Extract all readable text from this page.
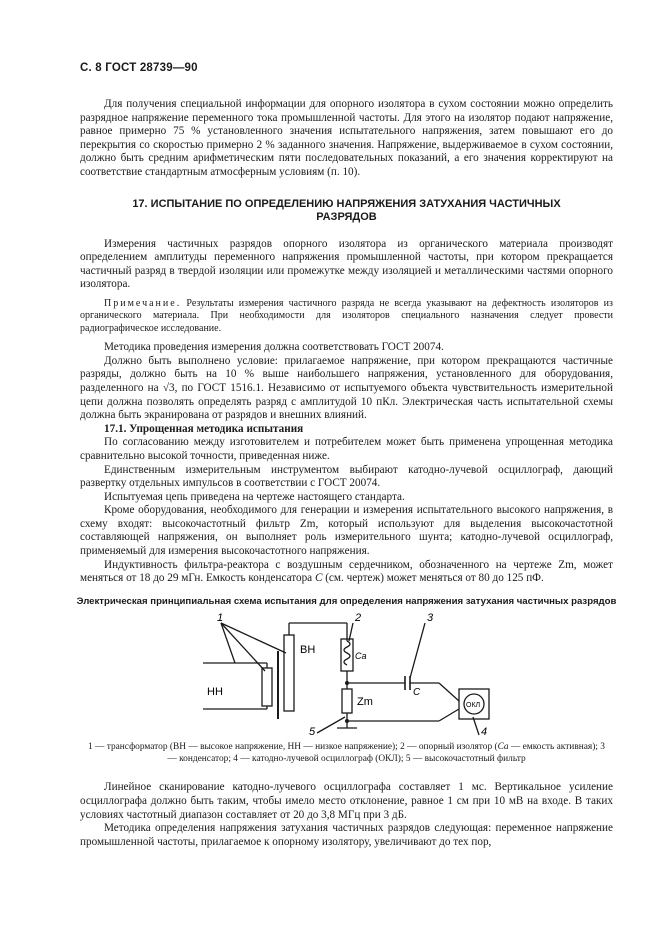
С. 8 ГОСТ 28739—90

Для получения специальной информации для опорного изолятора в сухом состоянии можно определить разрядное напряжение переменного тока промышленной частоты. Для этого на изолятор подают напряжение, равное примерно 75 % установленного значения испытательного напряжения, затем повышают его до перекрытия со скоростью примерно 2 % заданного значения. Напряжение, выдерживаемое в сухом состоянии, должно быть средним арифметическим пяти последовательных показаний, а его значения корректируют на соответствие стандартным атмосферным условиям (п. 10).

17. ИСПЫТАНИЕ ПО ОПРЕДЕЛЕНИЮ НАПРЯЖЕНИЯ ЗАТУХАНИЯ ЧАСТИЧНЫХ РАЗРЯДОВ

Измерения частичных разрядов опорного изолятора из органического материала производят определением амплитуды переменного напряжения промышленной частоты, при котором прекращается частичный разряд в твердой изоляции или промежутке между изоляцией и металлическими частями опорного изолятора.

Примечание. Результаты измерения частичного разряда не всегда указывают на дефектность изоляторов из органического материала. При необходимости для изоляторов специального назначения следует провести радиографическое исследование.

Методика проведения измерения должна соответствовать ГОСТ 20074.

Должно быть выполнено условие: прилагаемое напряжение, при котором прекращаются частичные разряды, должно быть на 10 % выше наибольшего напряжения, установленного для оборудования, разделенного на √3, по ГОСТ 1516.1. Независимо от испытуемого объекта чувствительность измерительной цепи должна позволять определять разряд с амплитудой 10 пКл. Электрическая часть испытательной схемы должна быть экранирована от разрядов и внешних влияний.

17.1. Упрощенная методика испытания

По согласованию между изготовителем и потребителем может быть применена упрощенная методика сравнительно высокой точности, приведенная ниже.

Единственным измерительным инструментом выбирают катодно-лучевой осциллограф, дающий развертку отдельных импульсов в соответствии с ГОСТ 20074.

Испытуемая цепь приведена на чертеже настоящего стандарта.

Кроме оборудования, необходимого для генерации и измерения испытательного высокого напряжения, в схему входят: высокочастотный фильтр Zm, который используют для выделения высокочастотной составляющей напряжения, он выполняет роль измерительного шунта; катодно-лучевой осциллограф, применяемый для измерения высокочастотного напряжения.

Индуктивность фильтра-реактора с воздушным сердечником, обозначенного на чертеже Zm, может меняться от 18 до 29 мГн. Емкость конденсатора C (см. чертеж) может меняться от 80 до 125 пФ.

Электрическая принципиальная схема испытания для определения напряжения затухания частичных разрядов
1	2	3
4
5
ВН
НН
Ca
C
Zm	ОКЛ
1 — трансформатор (ВН — высокое напряжение, НН — низкое напряжение); 2 — опорный изолятор (Cа — емкость активная); 3 — конденсатор; 4 — катодно-лучевой осциллограф (ОКЛ); 5 — высокочастотный фильтр

Линейное сканирование катодно-лучевого осциллографа составляет 1 мс. Вертикальное усиление осциллографа должно быть таким, чтобы имело место отклонение, равное 1 см при 10 мВ на входе. В таких условиях частотный диапазон составляет от 20 до 3,8 МГц при 3 дБ.

Методика определения напряжения затухания частичных разрядов следующая: переменное напряжение промышленной частоты, прилагаемое к опорному изолятору, увеличивают до тех пор,
